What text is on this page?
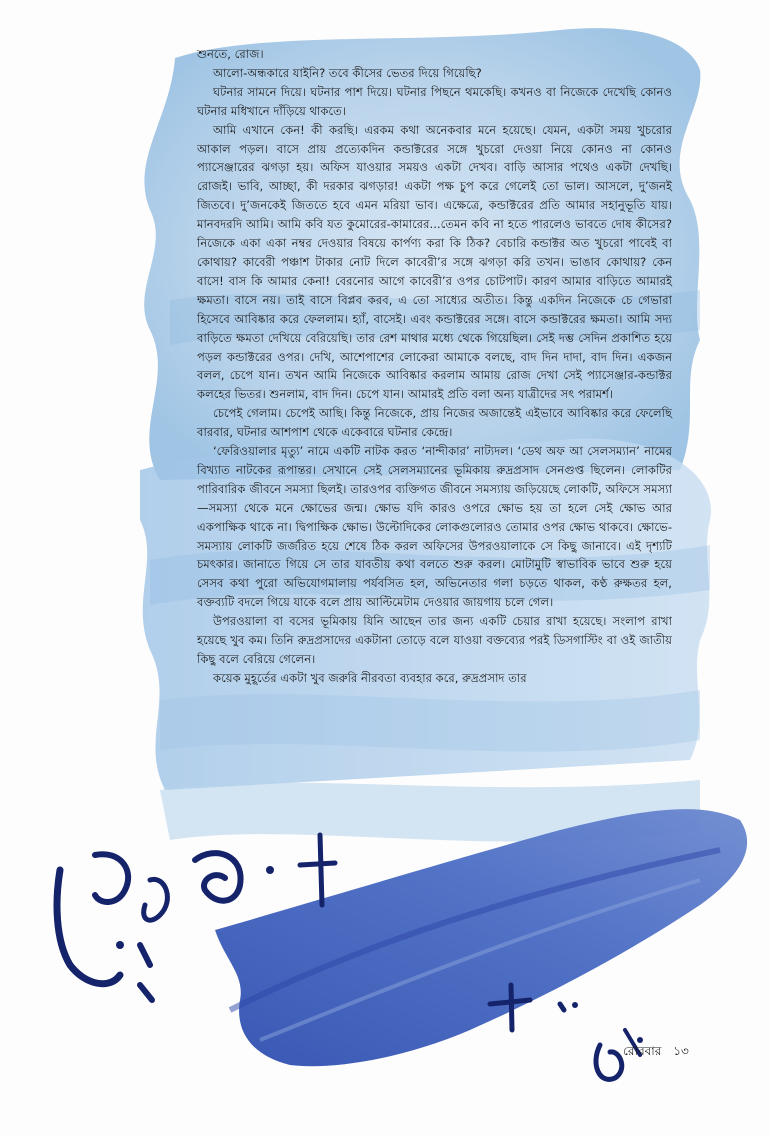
শুনতে, রোজ।

আলো-অন্ধকারে যাইনি? তবে কীসের ভেতর দিয়ে গিয়েছি?

ঘটনার সামনে দিয়ে। ঘটনার পাশ দিয়ে। ঘটনার পিছনে থমকেছি। কখনও বা নিজেকে দেখেছি কোনও ঘটনার মধিখানে দাঁড়িয়ে থাকতে।

আমি এখানে কেন! কী করছি। এরকম কথা অনেকবার মনে হয়েছে। যেমন, একটা সময় খুচরোর আকাল পড়ল। বাসে প্রায় প্রত্যেকদিন কন্ডাক্টরের সঙ্গে খুচরো দেওয়া নিয়ে কোনও না কোনও প্যাসেঞ্জারের ঝগড়া হয়। অফিস যাওয়ার সময়ও একটা দেখব। বাড়ি আসার পথেও একটা দেখছি। রোজই। ভাবি, আচ্ছা, কী দরকার ঝগড়ার! একটা পক্ষ চুপ করে গেলেই তো ভাল। আসলে, দু’জনই জিতবে। দু’জনকেই জিততে হবে এমন মরিয়া ভাব। এক্ষেত্রে, কন্ডাক্টরের প্রতি আমার সহানুভূতি যায়। মানবদরদি আমি। আমি কবি যত কুমোরের-কামারের...তেমন কবি না হতে পারলেও ভাবতে দোষ কীসের? নিজেকে একা একা নম্বর দেওয়ার বিষয়ে কার্পণ্য করা কি ঠিক? বেচারি কন্ডাক্টর অত খুচরো পাবেই বা কোথায়? কাবেরী পঞ্চাশ টাকার নোট দিলে কাবেরী’র সঙ্গে ঝগড়া করি তখন। ভাঙাব কোথায়? কেন বাসে! বাস কি আমার কেনা! বেরনোর আগে কাবেরী’র ওপর চোটপাট। কারণ আমার বাড়িতে আমারই ক্ষমতা। বাসে নয়। তাই বাসে বিপ্লব করব, এ তো সাধ্যের অতীত। কিন্তু একদিন নিজেকে চে গেভারা হিসেবে আবিষ্কার করে ফেললাম। হ্যাঁ, বাসেই। এবং কন্ডাক্টরের সঙ্গে। বাসে কন্ডাক্টরের ক্ষমতা। আমি সদ্য বাড়িতে ক্ষমতা দেখিয়ে বেরিয়েছি। তার রেশ মাথার মধ্যে থেকে গিয়েছিল। সেই দম্ভ সেদিন প্রকাশিত হয়ে পড়ল কন্ডাক্টরের ওপর। দেখি, আশেপাশের লোকেরা আমাকে বলছে, বাদ দিন দাদা, বাদ দিন। একজন বলল, চেপে যান। তখন আমি নিজেকে আবিষ্কার করলাম আমায় রোজ দেখা সেই প্যাসেঞ্জার-কন্ডাক্টর কলহের ভিতর। শুনলাম, বাদ দিন। চেপে যান। আমারই প্রতি বলা অন্য যাত্রীদের সৎ পরামর্শ।

চেপেই গেলাম। চেপেই আছি। কিন্তু নিজেকে, প্রায় নিজের অজান্তেই এইভাবে আবিষ্কার করে ফেলেছি বারবার, ঘটনার আশপাশ থেকে একেবারে ঘটনার কেন্দ্রে।

‘ফেরিওয়ালার মৃত্যু’ নামে একটি নাটক করত ‘নান্দীকার’ নাট্যদল। ‘ডেথ অফ আ সেলসম্যান’ নামের বিখ্যাত নাটকের রূপান্তর। সেখানে সেই সেলসম্যানের ভূমিকায় রুদ্রপ্রসাদ সেনগুপ্ত ছিলেন। লোকটির পারিবারিক জীবনে সমস্যা ছিলই। তারওপর ব্যক্তিগত জীবনে সমস্যায় জড়িয়েছে লোকটি, অফিসে সমস্যা—সমস্যা থেকে মনে ক্ষোভের জন্ম। ক্ষোভ যদি কারও ওপরে ক্ষোভ হয় তা হলে সেই ক্ষোভ আর একপাক্ষিক থাকে না। দ্বিপাক্ষিক ক্ষোভ। উল্টোদিকের লোকগুলোরও তোমার ওপর ক্ষোভ থাকবে। ক্ষোভে-সমস্যায় লোকটি জর্জরিত হয়ে শেষে ঠিক করল অফিসের উপরওয়ালাকে সে কিছু জানাবে। এই দৃশ্যটি চমৎকার। জানাতে গিয়ে সে তার যাবতীয় কথা বলতে শুরু করল। মোটামুটি স্বাভাবিক ভাবে শুরু হয়ে সেসব কথা পুরো অভিযোগমালায় পর্যবসিত হল, অভিনেতার গলা চড়তে থাকল, কণ্ঠ রুক্ষতর হল, বক্তব্যটি বদলে গিয়ে যাকে বলে প্রায় আল্টিমেটাম দেওয়ার জায়গায় চলে গেল।

উপরওয়ালা বা বসের ভূমিকায় যিনি আছেন তার জন্য একটি চেয়ার রাখা হয়েছে। সংলাপ রাখা হয়েছে খুব কম। তিনি রুদ্রপ্রসাদের একটানা তোড়ে বলে যাওয়া বক্তব্যের পরই ডিসগাস্টিং বা ওই জাতীয় কিছু বলে বেরিয়ে গেলেন।

কয়েক মুহূর্তের একটা খুব জরুরি নীরবতা ব্যবহার করে, রুদ্রপ্রসাদ তার

রোববার ১৩
